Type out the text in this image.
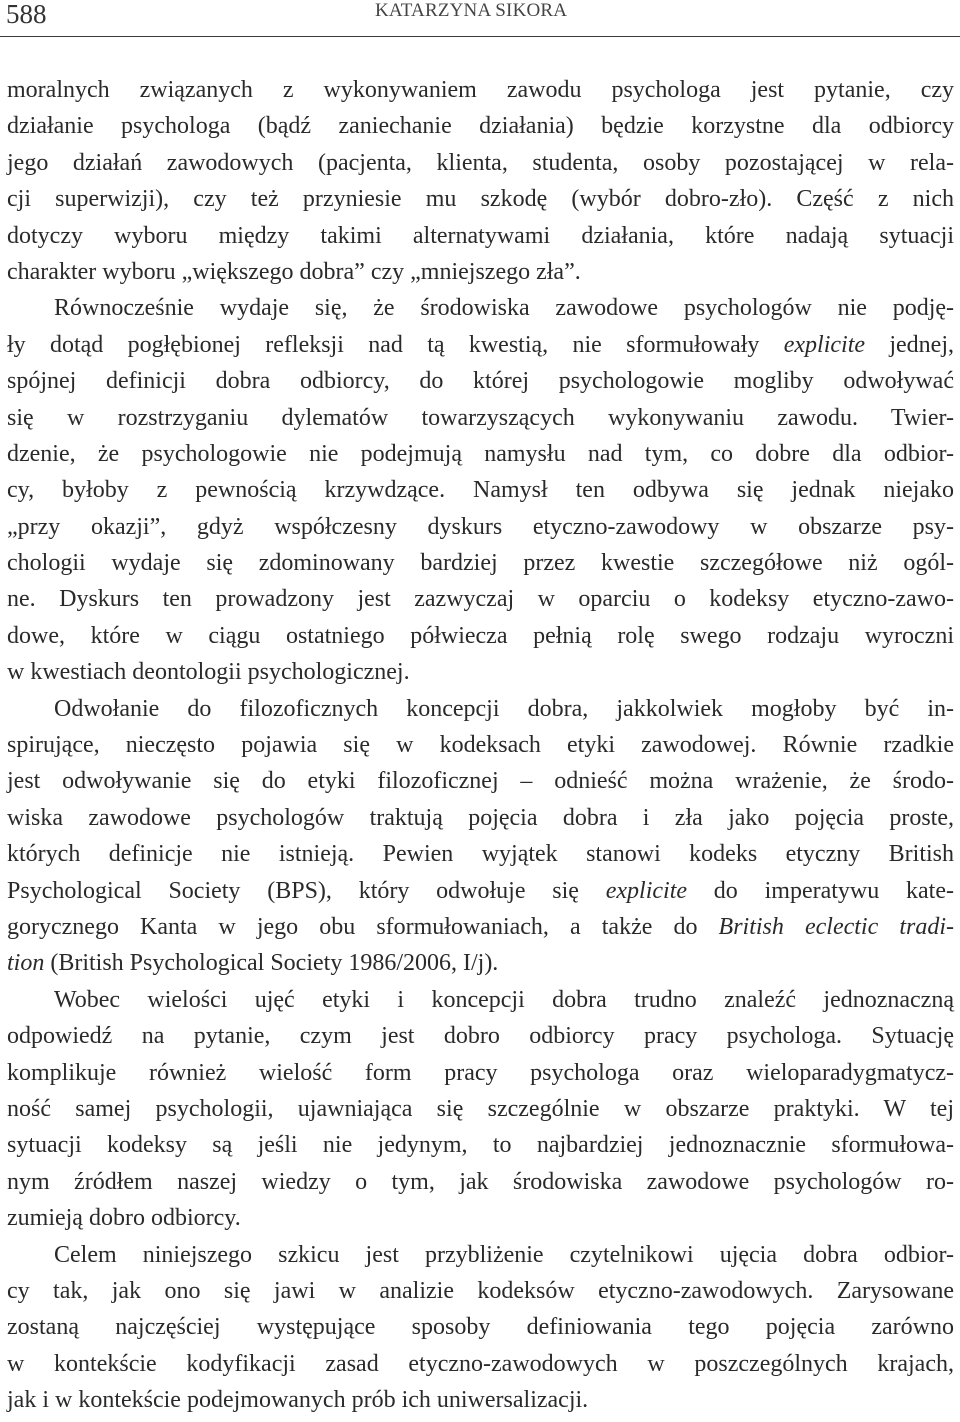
588	KATARZYNA SIKORA
moralnych związanych z wykonywaniem zawodu psychologa jest pytanie, czy
działanie psychologa (bądź zaniechanie działania) będzie korzystne dla odbiorcy
jego działań zawodowych (pacjenta, klienta, studenta, osoby pozostającej w rela-
cji superwizji), czy też przyniesie mu szkodę (wybór dobro-zło). Część z nich
dotyczy wyboru między takimi alternatywami działania, które nadają sytuacji
charakter wyboru „większego dobra” czy „mniejszego zła”.
Równocześnie wydaje się, że środowiska zawodowe psychologów nie podję-
ły dotąd pogłębionej refleksji nad tą kwestią, nie sformułowały explicite jednej,
spójnej definicji dobra odbiorcy, do której psychologowie mogliby odwoływać
się w rozstrzyganiu dylematów towarzyszących wykonywaniu zawodu. Twier-
dzenie, że psychologowie nie podejmują namysłu nad tym, co dobre dla odbior-
cy, byłoby z pewnością krzywdzące. Namysł ten odbywa się jednak niejako
„przy okazji”, gdyż współczesny dyskurs etyczno-zawodowy w obszarze psy-
chologii wydaje się zdominowany bardziej przez kwestie szczegółowe niż ogól-
ne. Dyskurs ten prowadzony jest zazwyczaj w oparciu o kodeksy etyczno-zawo-
dowe, które w ciągu ostatniego półwiecza pełnią rolę swego rodzaju wyroczni
w kwestiach deontologii psychologicznej.
Odwołanie do filozoficznych koncepcji dobra, jakkolwiek mogłoby być in-
spirujące, nieczęsto pojawia się w kodeksach etyki zawodowej. Równie rzadkie
jest odwoływanie się do etyki filozoficznej – odnieść można wrażenie, że środo-
wiska zawodowe psychologów traktują pojęcia dobra i zła jako pojęcia proste,
których definicje nie istnieją. Pewien wyjątek stanowi kodeks etyczny British
Psychological Society (BPS), który odwołuje się explicite do imperatywu kate-
gorycznego Kanta w jego obu sformułowaniach, a także do British eclectic tradi-
tion (British Psychological Society 1986/2006, I/j).
Wobec wielości ujęć etyki i koncepcji dobra trudno znaleźć jednoznaczną
odpowiedź na pytanie, czym jest dobro odbiorcy pracy psychologa. Sytuację
komplikuje również wielość form pracy psychologa oraz wieloparadygmatycz-
ność samej psychologii, ujawniająca się szczególnie w obszarze praktyki. W tej
sytuacji kodeksy są jeśli nie jedynym, to najbardziej jednoznacznie sformułowa-
nym źródłem naszej wiedzy o tym, jak środowiska zawodowe psychologów ro-
zumieją dobro odbiorcy.
Celem niniejszego szkicu jest przybliżenie czytelnikowi ujęcia dobra odbior-
cy tak, jak ono się jawi w analizie kodeksów etyczno-zawodowych. Zarysowane
zostaną najczęściej występujące sposoby definiowania tego pojęcia zarówno
w kontekście kodyfikacji zasad etyczno-zawodowych w poszczególnych krajach,
jak i w kontekście podejmowanych prób ich uniwersalizacji.
